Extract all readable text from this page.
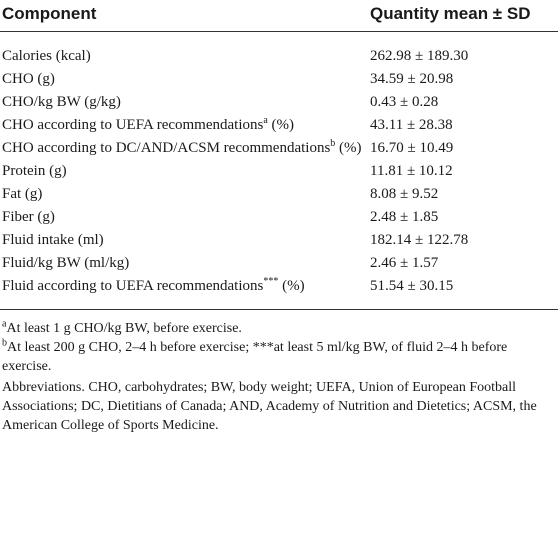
Component	Quantity mean ± SD
Calories (kcal)	262.98 ± 189.30
CHO (g)	34.59 ± 20.98
CHO/kg BW (g/kg)	0.43 ± 0.28
CHO according to UEFA recommendations$^a$ (%)	43.11 ± 28.38
CHO according to DC/AND/ACSM recommendations$^b$ (%)	16.70 ± 10.49
Protein (g)	11.81 ± 10.12
Fat (g)	8.08 ± 9.52
Fiber (g)	2.48 ± 1.85
Fluid intake (ml)	182.14 ± 122.78
Fluid/kg BW (ml/kg)	2.46 ± 1.57
Fluid according to UEFA recommendations*** (%)	51.54 ± 30.15

$^a$At least 1 g CHO/kg BW, before exercise.

$^b$At least 200 g CHO, 2–4 h before exercise; ***at least 5 ml/kg BW, of fluid 2–4 h before exercise.

Abbreviations. CHO, carbohydrates; BW, body weight; UEFA, Union of European Football Associations; DC, Dietitians of Canada; AND, Academy of Nutrition and Dietetics; ACSM, the American College of Sports Medicine.
